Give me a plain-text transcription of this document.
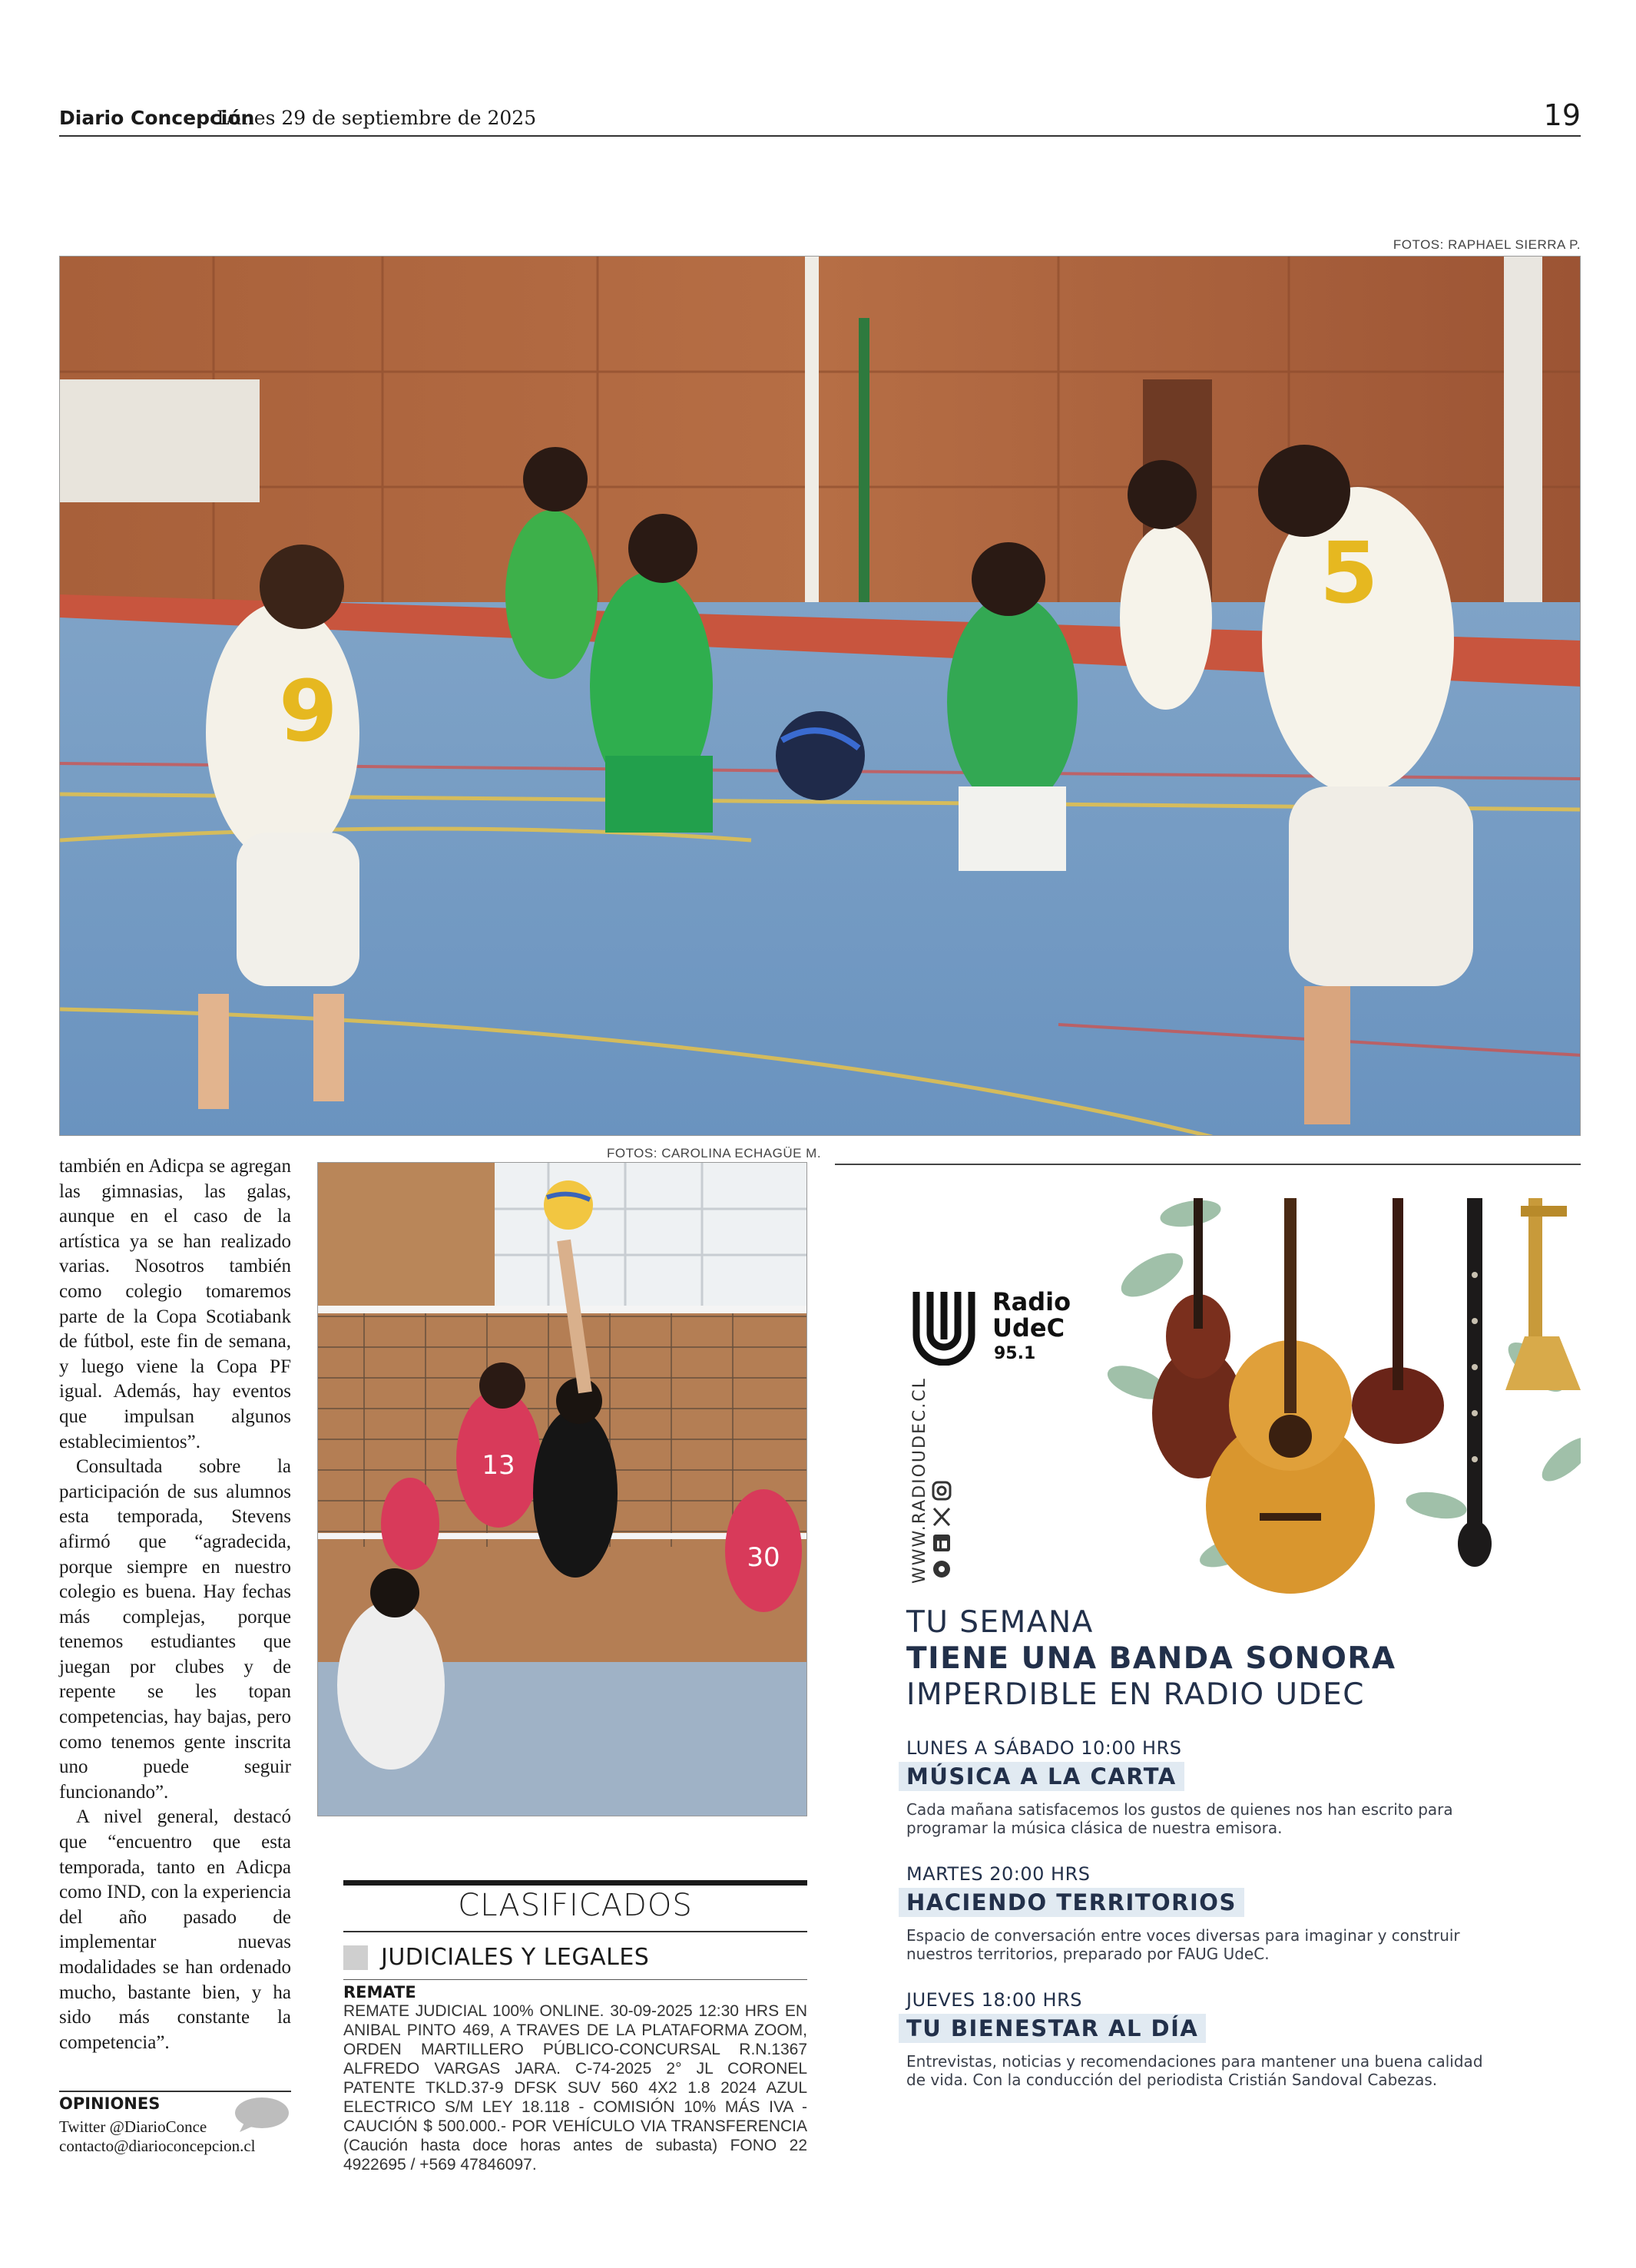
Diario Concepción
Lunes 29 de septiembre de 2025	19
FOTOS: RAPHAEL SIERRA P.
9
5

también en Adicpa se agregan las gimnasias, las galas, aunque en el caso de la artística ya se han realizado varias. Nosotros también como colegio tomaremos parte de la Copa Scotiabank de fútbol, este fin de semana, y luego viene la Copa PF igual. Además, hay eventos que impulsan algunos establecimientos”.

Consultada sobre la participación de sus alumnos esta temporada, Stevens afirmó que “agradecida, porque siempre en nuestro colegio es buena. Hay fechas más complejas, porque tenemos estudiantes que juegan por clubes y de repente se les topan competencias, hay bajas, pero como tenemos gente inscrita uno puede seguir funcionando”.

A nivel general, destacó que “encuentro que esta temporada, tanto en Adicpa como IND, con la experiencia del año pasado de implementar nuevas modalidades se han ordenado mucho, bastante bien, y ha sido más constante la competencia”.

OPINIONES
Twitter @DiarioConce
contacto@diarioconcepcion.cl
FOTOS: CAROLINA ECHAGÜE M.
13
30
CLASIFICADOS
JUDICIALES Y LEGALES
REMATE
REMATE JUDICIAL 100% ONLINE. 30-09-2025 12:30 HRS EN ANIBAL PINTO 469, A TRAVES DE LA PLATAFORMA ZOOM, ORDEN MARTILLERO PÚBLICO-CONCURSAL R.N.1367 ALFREDO VARGAS JARA. C-74-2025 2° JL CORONEL PATENTE TKLD.37-9 DFSK SUV 560 4X2 1.8 2024 AZUL ELECTRICO S/M LEY 18.118 - COMISIÓN 10% MÁS IVA - CAUCIÓN $ 500.000.- POR VEHÍCULO VIA TRANSFERENCIA (Caución hasta doce horas antes de subasta) FONO 22 4922695 / +569 47846097.
Radio
UdeC
95.1
WWW.RADIOUDEC.CL
TU SEMANA
TIENE UNA BANDA SONORA
IMPERDIBLE EN RADIO UDEC
LUNES A SÁBADO 10:00 HRS
MÚSICA A LA CARTA
Cada mañana satisfacemos los gustos de quienes nos han escrito para
programar la música clásica de nuestra emisora.
MARTES 20:00 HRS
HACIENDO TERRITORIOS
Espacio de conversación entre voces diversas para imaginar y construir
nuestros territorios, preparado por FAUG UdeC.
JUEVES 18:00 HRS
TU BIENESTAR AL DÍA
Entrevistas, noticias y recomendaciones para mantener una buena calidad
de vida. Con la conducción del periodista Cristián Sandoval Cabezas.
